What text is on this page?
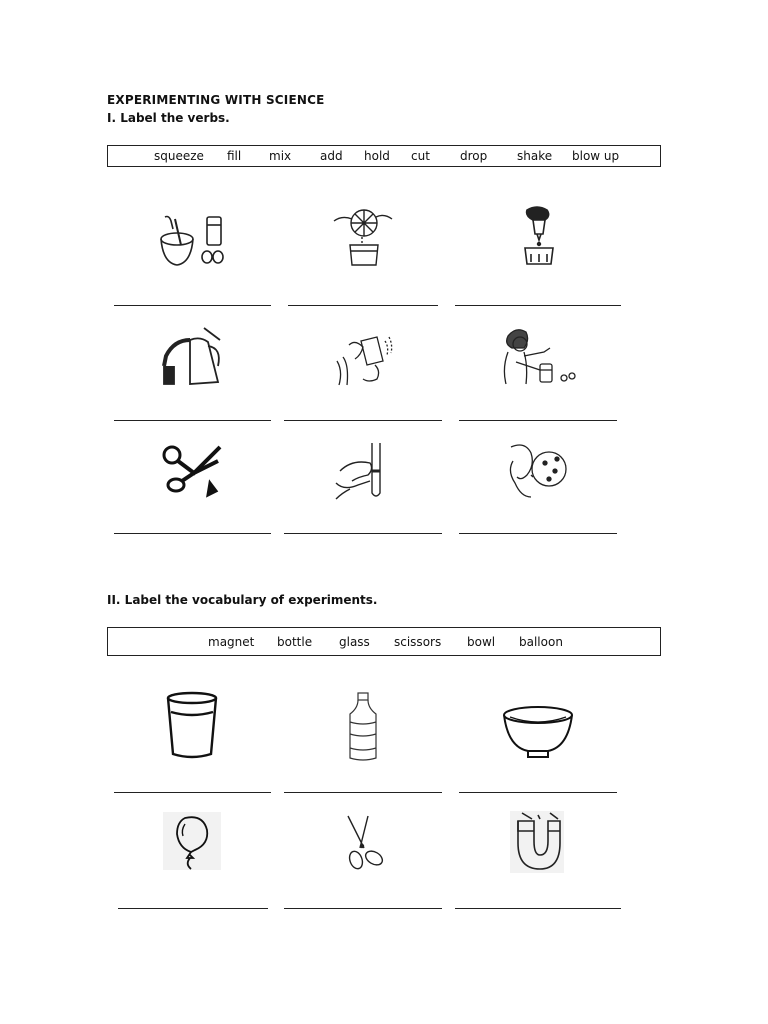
EXPERIMENTING WITH SCIENCE
I. Label the verbs.
squeeze fill mix add hold cut	drop shake blow up
II. Label the vocabulary of experiments.
magnet bottle glass scissors bowl balloon
